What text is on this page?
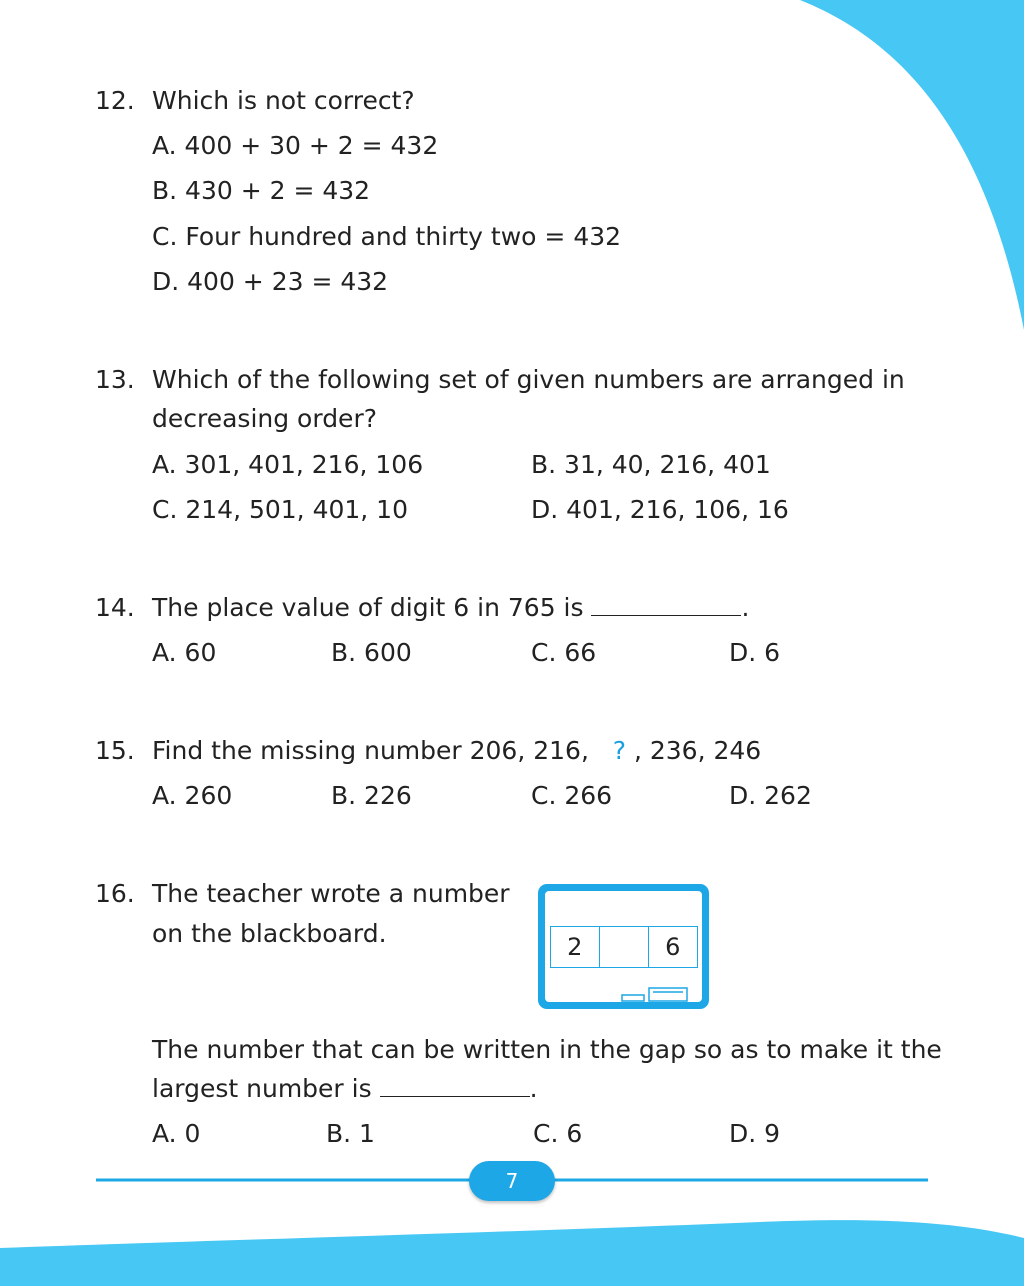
12. Which is not correct?
A. 400 + 30 + 2 = 432
B. 430 + 2 = 432
C. Four hundred and thirty two = 432
D. 400 + 23 = 432
13. Which of the following set of given numbers are arranged in
decreasing order?
A. 301, 401, 216, 106	B. 31, 40, 216, 401
C. 214, 501, 401, 10	D. 401, 216, 106, 16
14. The place value of digit 6 in 765 is	.
A. 60	B. 600	C. 66	D. 6
15. Find the missing number 206, 216, ? , 236, 246
A. 260	B. 226	C. 266	D. 262
16. The teacher wrote a number
on the blackboard.	2	6
The number that can be written in the gap so as to make it the
largest number is	.
A. 0	B. 1	C. 6	D. 9
7
